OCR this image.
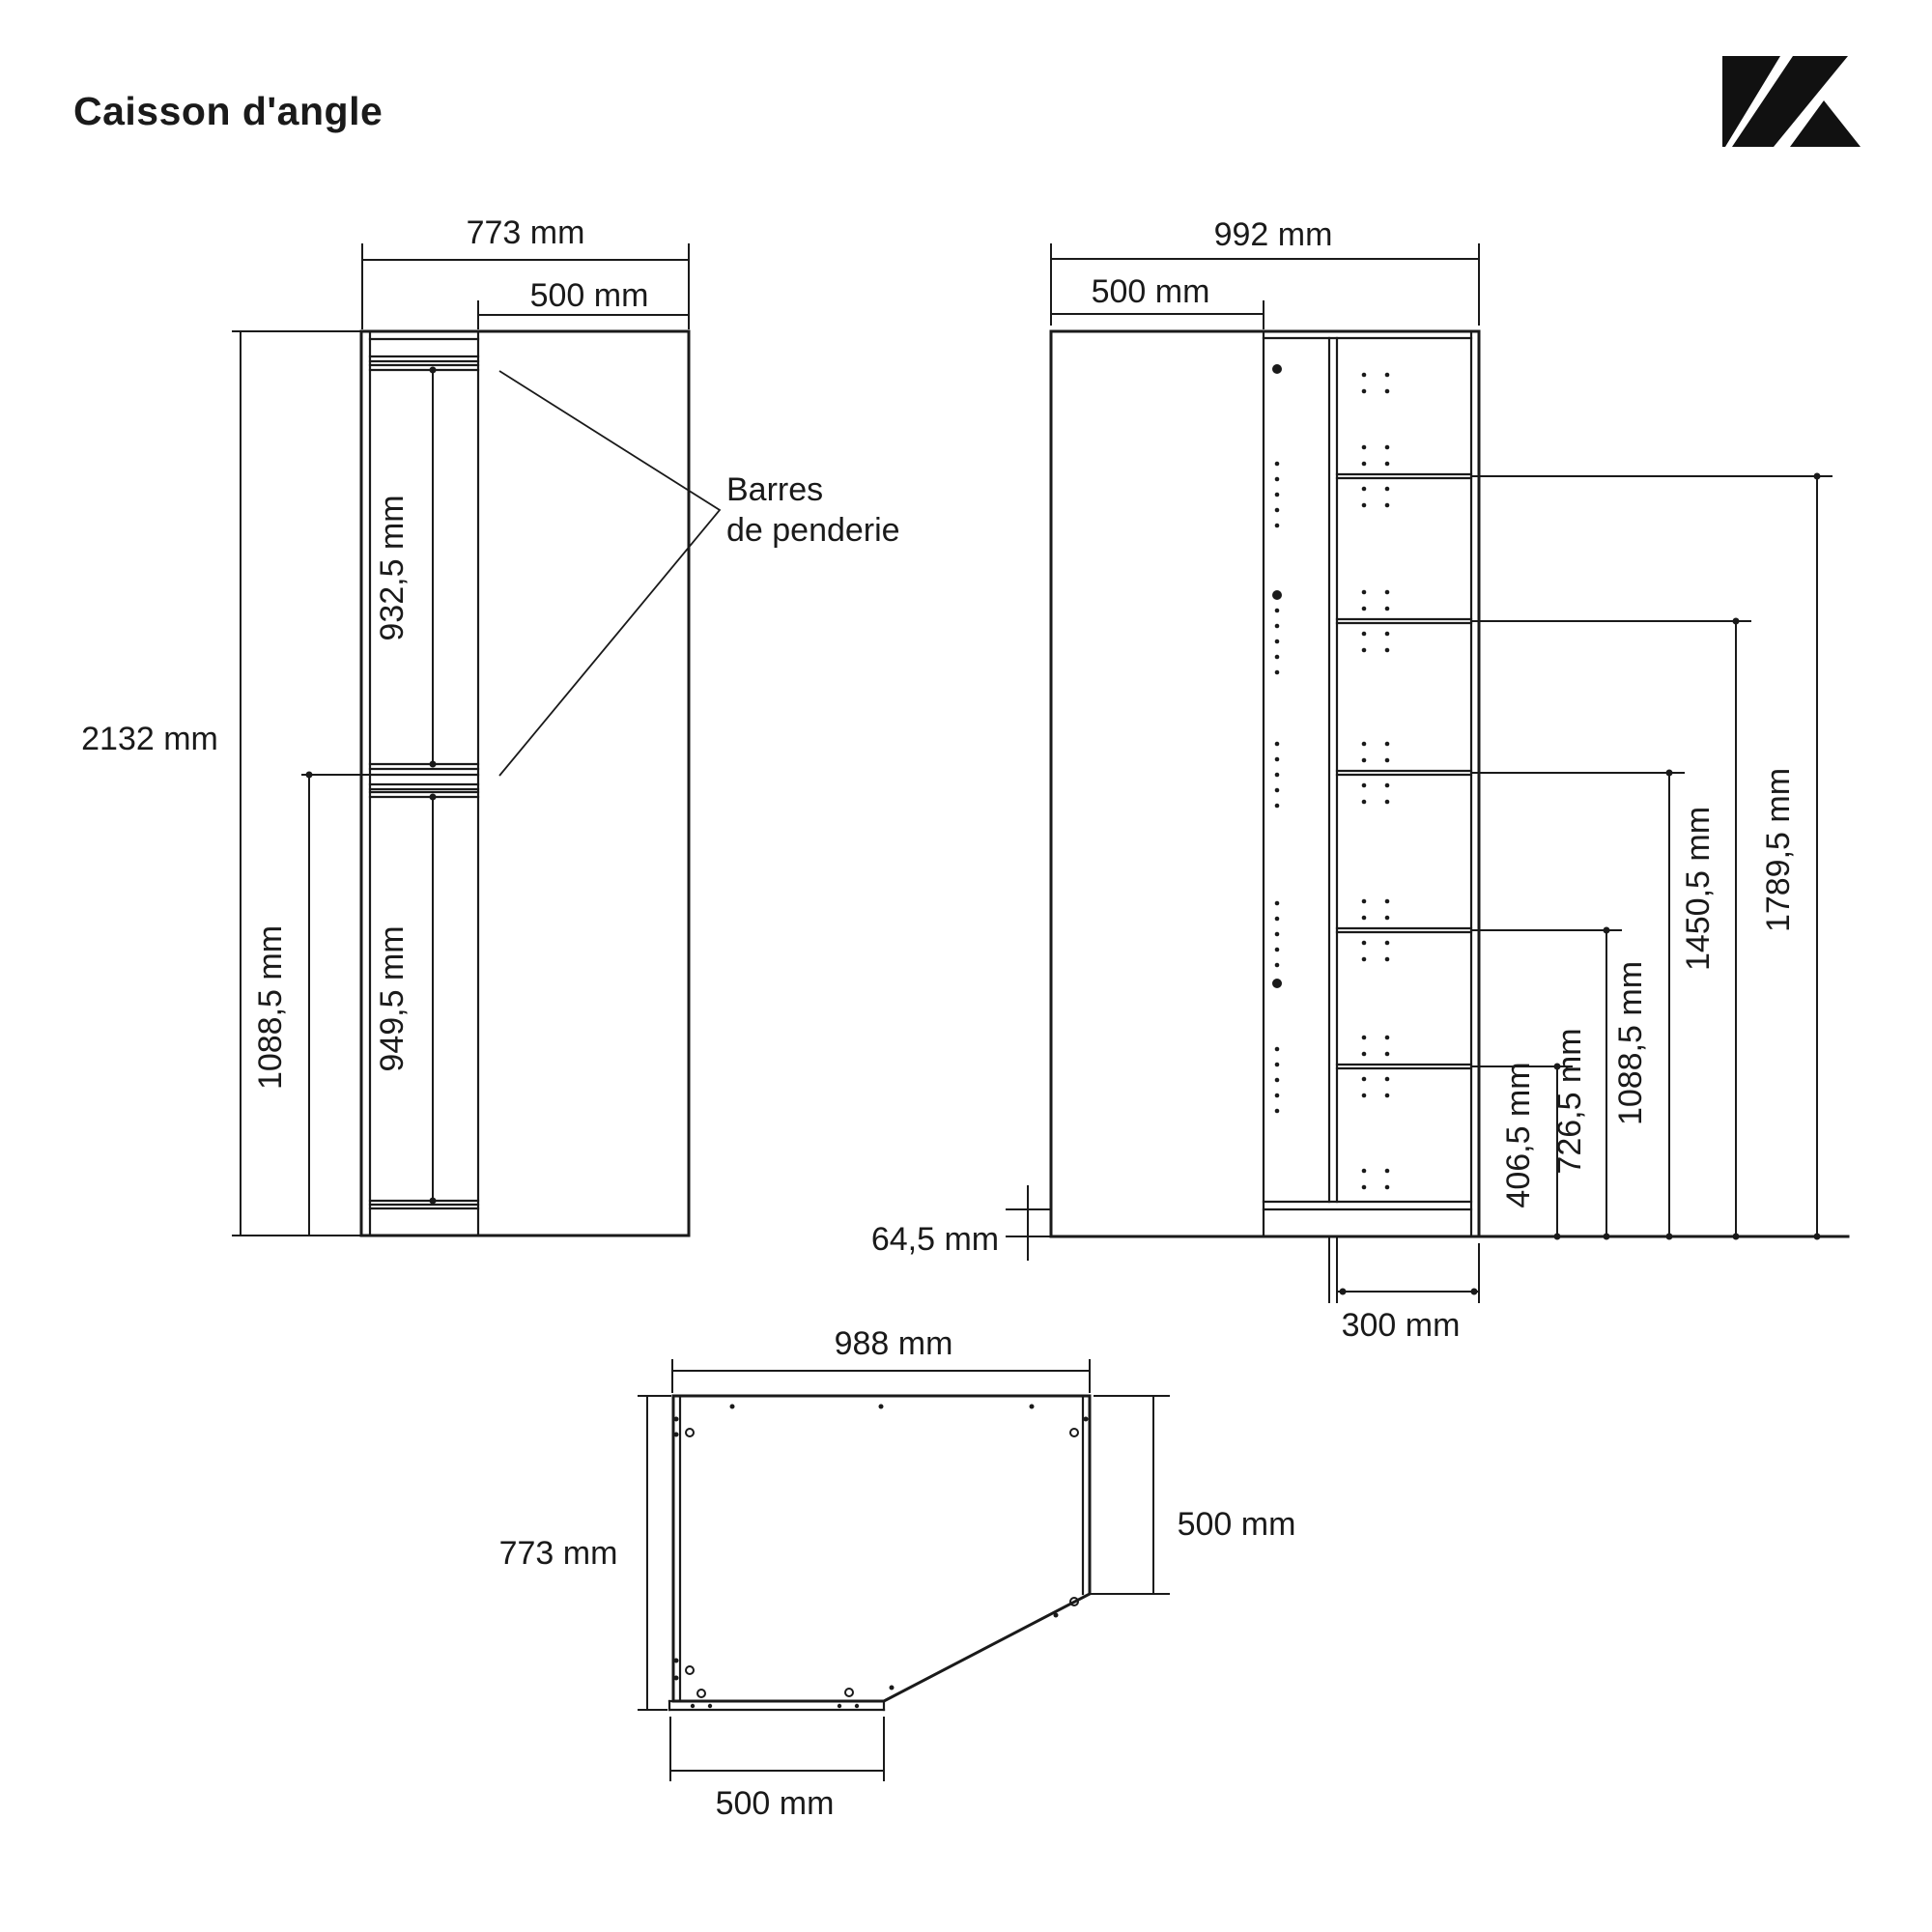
Caisson d'angle
773 mm
500 mm
2132 mm
1088,5 mm
932,5 mm
949,5 mm
Barres
de penderie
992 mm
500 mm
64,5 mm
300 mm
406,5 mm 726,5 mm 1088,5 mm
1450,5 mm 1789,5 mm
988 mm
773 mm
500 mm
500 mm
